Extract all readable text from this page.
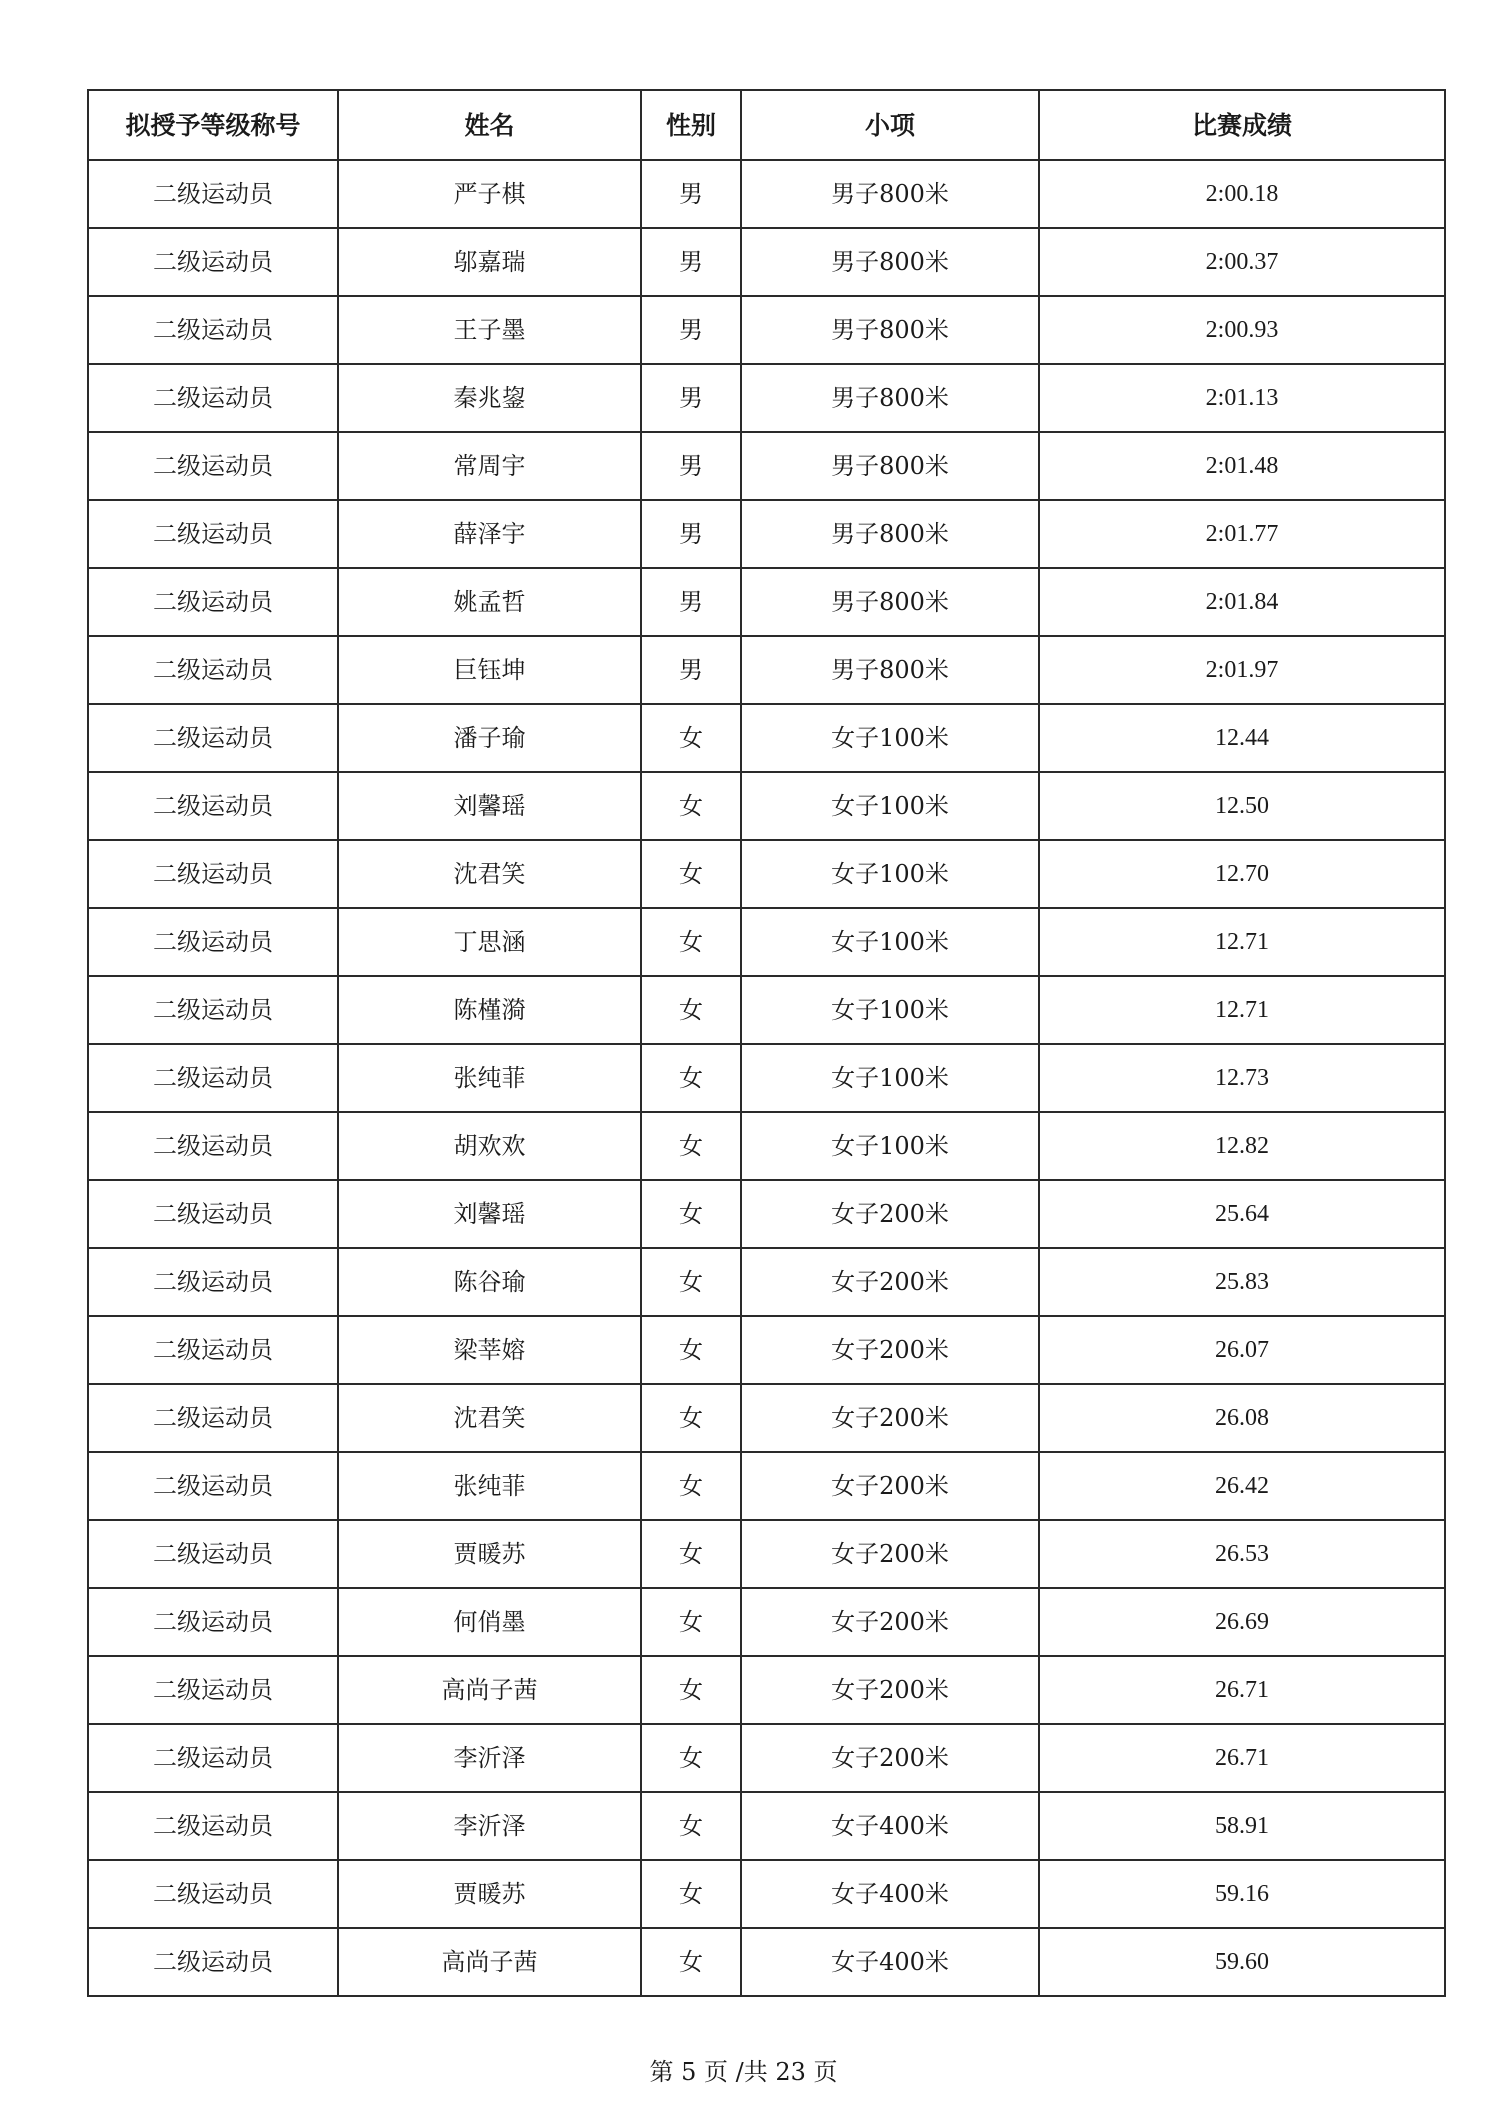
拟授予等级称号	姓名	性别	小项	比赛成绩
二级运动员	严子棋	男	男子800米	2:00.18
二级运动员	邬嘉瑞	男	男子800米	2:00.37
二级运动员	王子墨	男	男子800米	2:00.93
二级运动员	秦兆鋆	男	男子800米	2:01.13
二级运动员	常周宇	男	男子800米	2:01.48
二级运动员	薛泽宇	男	男子800米	2:01.77
二级运动员	姚孟哲	男	男子800米	2:01.84
二级运动员	巨钰坤	男	男子800米	2:01.97
二级运动员	潘子瑜	女	女子100米	12.44
二级运动员	刘馨瑶	女	女子100米	12.50
二级运动员	沈君笑	女	女子100米	12.70
二级运动员	丁思涵	女	女子100米	12.71
二级运动员	陈槿漪	女	女子100米	12.71
二级运动员	张纯菲	女	女子100米	12.73
二级运动员	胡欢欢	女	女子100米	12.82
二级运动员	刘馨瑶	女	女子200米	25.64
二级运动员	陈谷瑜	女	女子200米	25.83
二级运动员	梁莘嫆	女	女子200米	26.07
二级运动员	沈君笑	女	女子200米	26.08
二级运动员	张纯菲	女	女子200米	26.42
二级运动员	贾暖苏	女	女子200米	26.53
二级运动员	何俏墨	女	女子200米	26.69
二级运动员	高尚子茜	女	女子200米	26.71
二级运动员	李沂泽	女	女子200米	26.71
二级运动员	李沂泽	女	女子400米	58.91
二级运动员	贾暖苏	女	女子400米	59.16
二级运动员	高尚子茜	女	女子400米	59.60
第 5 页 /共 23 页
